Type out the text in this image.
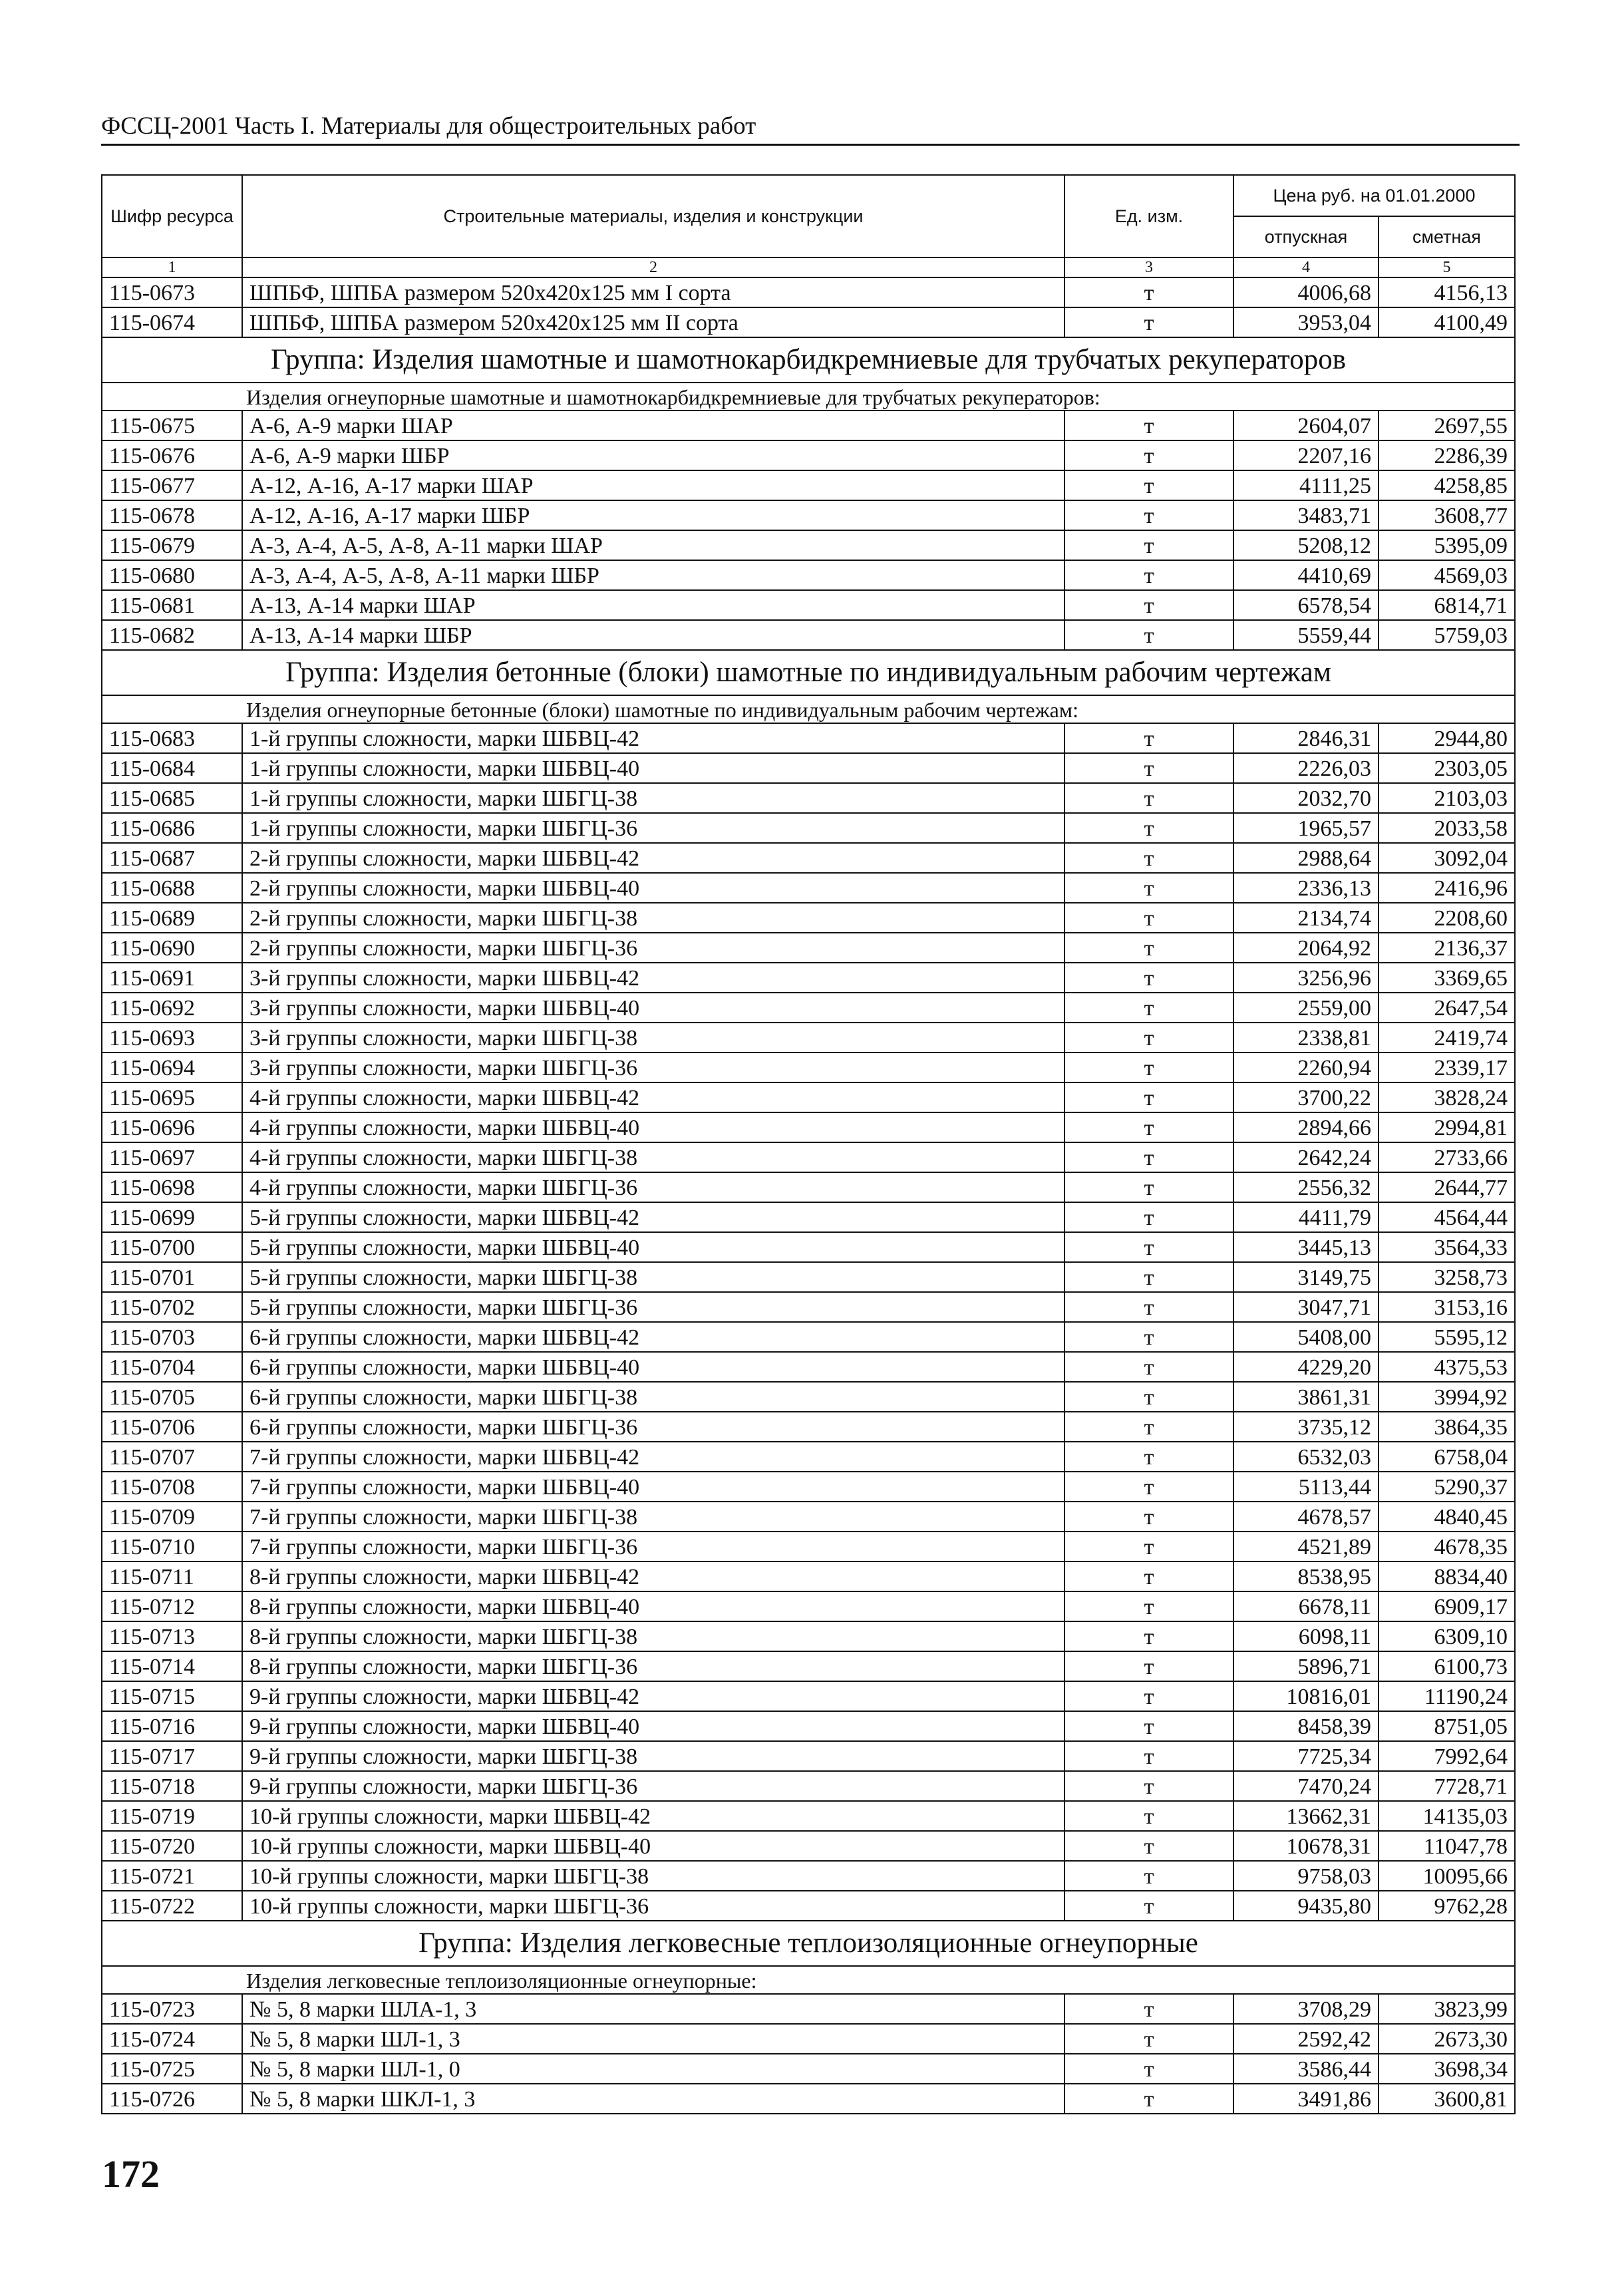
ФССЦ-2001 Часть I. Материалы для общестроительных работ
Шифр ресурса	Строительные материалы, изделия и конструкции	Ед. изм.	Цена руб. на 01.01.2000	
			отпускная	сметная
1	2	3	4	5
115-0673	ШПБФ, ШПБА размером 520х420х125 мм I сорта	т	4006,68	4156,13
115-0674	ШПБФ, ШПБА размером 520х420х125 мм II сорта	т	3953,04	4100,49
Группа: Изделия шамотные и шамотнокарбидкремниевые для трубчатых рекуператоров				
Изделия огнеупорные шамотные и шамотнокарбидкремниевые для трубчатых рекуператоров:				
115-0675	А-6, А-9 марки ШАР	т	2604,07	2697,55
115-0676	А-6, А-9 марки ШБР	т	2207,16	2286,39
115-0677	А-12, А-16, А-17 марки ШАР	т	4111,25	4258,85
115-0678	А-12, А-16, А-17 марки ШБР	т	3483,71	3608,77
115-0679	А-3, А-4, А-5, А-8, А-11 марки ШАР	т	5208,12	5395,09
115-0680	А-3, А-4, А-5, А-8, А-11 марки ШБР	т	4410,69	4569,03
115-0681	А-13, А-14 марки ШАР	т	6578,54	6814,71
115-0682	А-13, А-14 марки ШБР	т	5559,44	5759,03
Группа: Изделия бетонные (блоки) шамотные по индивидуальным рабочим чертежам				
Изделия огнеупорные бетонные (блоки) шамотные по индивидуальным рабочим чертежам:				
115-0683	1-й группы сложности, марки ШБВЦ-42	т	2846,31	2944,80
115-0684	1-й группы сложности, марки ШБВЦ-40	т	2226,03	2303,05
115-0685	1-й группы сложности, марки ШБГЦ-38	т	2032,70	2103,03
115-0686	1-й группы сложности, марки ШБГЦ-36	т	1965,57	2033,58
115-0687	2-й группы сложности, марки ШБВЦ-42	т	2988,64	3092,04
115-0688	2-й группы сложности, марки ШБВЦ-40	т	2336,13	2416,96
115-0689	2-й группы сложности, марки ШБГЦ-38	т	2134,74	2208,60
115-0690	2-й группы сложности, марки ШБГЦ-36	т	2064,92	2136,37
115-0691	3-й группы сложности, марки ШБВЦ-42	т	3256,96	3369,65
115-0692	3-й группы сложности, марки ШБВЦ-40	т	2559,00	2647,54
115-0693	3-й группы сложности, марки ШБГЦ-38	т	2338,81	2419,74
115-0694	3-й группы сложности, марки ШБГЦ-36	т	2260,94	2339,17
115-0695	4-й группы сложности, марки ШБВЦ-42	т	3700,22	3828,24
115-0696	4-й группы сложности, марки ШБВЦ-40	т	2894,66	2994,81
115-0697	4-й группы сложности, марки ШБГЦ-38	т	2642,24	2733,66
115-0698	4-й группы сложности, марки ШБГЦ-36	т	2556,32	2644,77
115-0699	5-й группы сложности, марки ШБВЦ-42	т	4411,79	4564,44
115-0700	5-й группы сложности, марки ШБВЦ-40	т	3445,13	3564,33
115-0701	5-й группы сложности, марки ШБГЦ-38	т	3149,75	3258,73
115-0702	5-й группы сложности, марки ШБГЦ-36	т	3047,71	3153,16
115-0703	6-й группы сложности, марки ШБВЦ-42	т	5408,00	5595,12
115-0704	6-й группы сложности, марки ШБВЦ-40	т	4229,20	4375,53
115-0705	6-й группы сложности, марки ШБГЦ-38	т	3861,31	3994,92
115-0706	6-й группы сложности, марки ШБГЦ-36	т	3735,12	3864,35
115-0707	7-й группы сложности, марки ШБВЦ-42	т	6532,03	6758,04
115-0708	7-й группы сложности, марки ШБВЦ-40	т	5113,44	5290,37
115-0709	7-й группы сложности, марки ШБГЦ-38	т	4678,57	4840,45
115-0710	7-й группы сложности, марки ШБГЦ-36	т	4521,89	4678,35
115-0711	8-й группы сложности, марки ШБВЦ-42	т	8538,95	8834,40
115-0712	8-й группы сложности, марки ШБВЦ-40	т	6678,11	6909,17
115-0713	8-й группы сложности, марки ШБГЦ-38	т	6098,11	6309,10
115-0714	8-й группы сложности, марки ШБГЦ-36	т	5896,71	6100,73
115-0715	9-й группы сложности, марки ШБВЦ-42	т	10816,01	11190,24
115-0716	9-й группы сложности, марки ШБВЦ-40	т	8458,39	8751,05
115-0717	9-й группы сложности, марки ШБГЦ-38	т	7725,34	7992,64
115-0718	9-й группы сложности, марки ШБГЦ-36	т	7470,24	7728,71
115-0719	10-й группы сложности, марки ШБВЦ-42	т	13662,31	14135,03
115-0720	10-й группы сложности, марки ШБВЦ-40	т	10678,31	11047,78
115-0721	10-й группы сложности, марки ШБГЦ-38	т	9758,03	10095,66
115-0722	10-й группы сложности, марки ШБГЦ-36	т	9435,80	9762,28
Группа: Изделия легковесные теплоизоляционные огнеупорные				
Изделия легковесные теплоизоляционные огнеупорные:				
115-0723	№ 5, 8 марки ШЛА-1, 3	т	3708,29	3823,99
115-0724	№ 5, 8 марки ШЛ-1, 3	т	2592,42	2673,30
115-0725	№ 5, 8 марки ШЛ-1, 0	т	3586,44	3698,34
115-0726	№ 5, 8 марки ШКЛ-1, 3	т	3491,86	3600,81
172
